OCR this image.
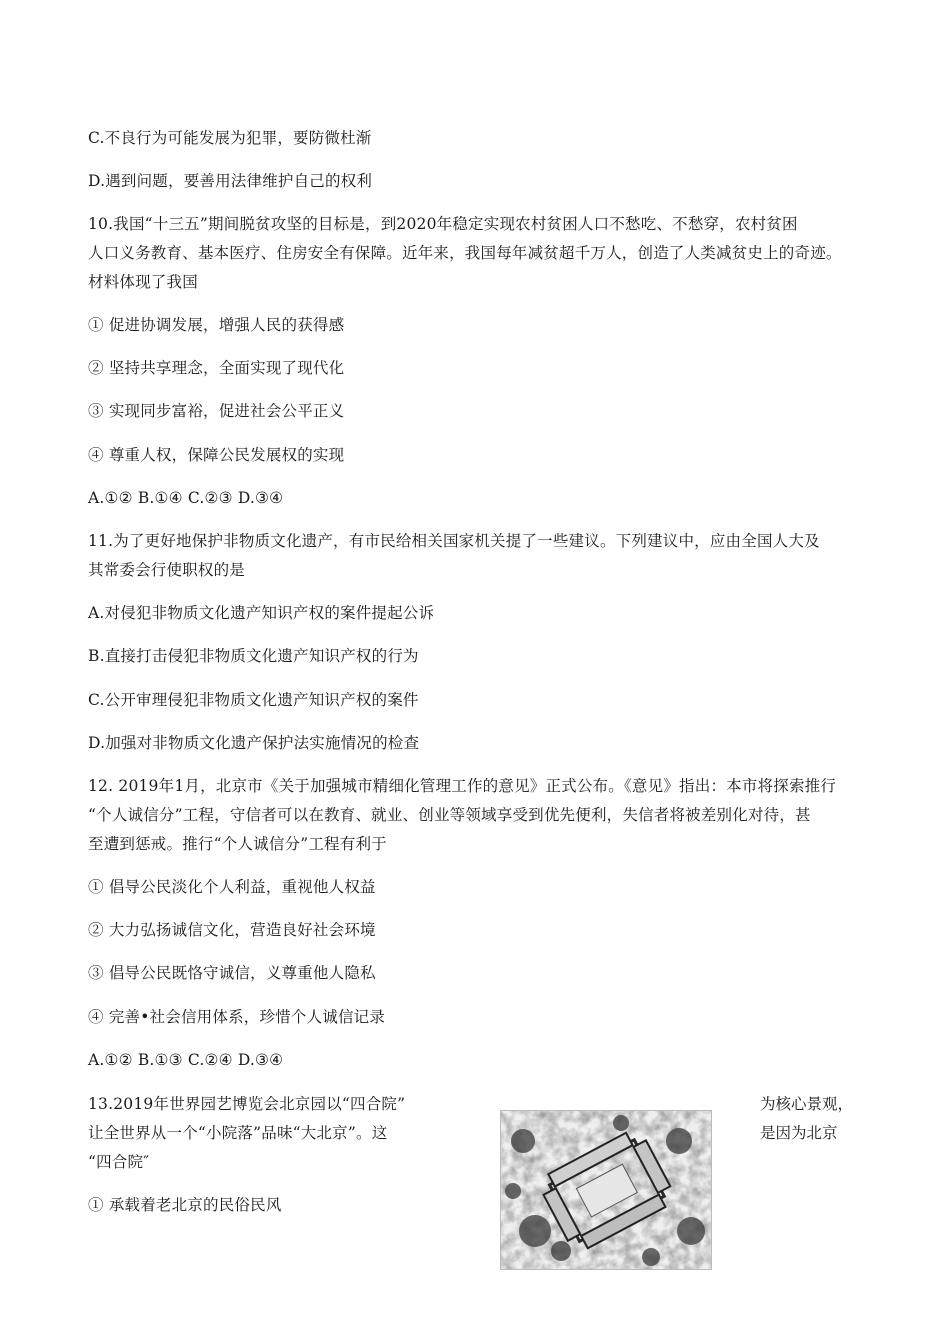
C.不良行为可能发展为犯罪，要防微杜渐
D.遇到问题，要善用法律维护自己的权利
10.我国“十三五”期间脱贫攻坚的目标是，到2020年稳定实现农村贫困人口不愁吃、不愁穿，农村贫困
人口义务教育、基本医疗、住房安全有保障。近年来，我国每年减贫超千万人，创造了人类减贫史上的奇迹。
材料体现了我国
① 促进协调发展，增强人民的获得感
② 坚持共享理念，全面实现了现代化
③ 实现同步富裕，促进社会公平正义
④ 尊重人权，保障公民发展权的实现
A.①② B.①④ C.②③ D.③④
11.为了更好地保护非物质文化遗产，有市民给相关国家机关提了一些建议。下列建议中，应由全国人大及
其常委会行使职权的是
A.对侵犯非物质文化遗产知识产权的案件提起公诉
B.直接打击侵犯非物质文化遗产知识产权的行为
C.公开审理侵犯非物质文化遗产知识产权的案件
D.加强对非物质文化遗产保护法实施情况的检查
12. 2019年1月，北京市《关于加强城市精细化管理工作的意见》正式公布。《意见》指出：本市将探索推行
“个人诚信分”工程，守信者可以在教育、就业、创业等领域享受到优先便利，失信者将被差别化对待，甚
至遭到惩戒。推行“个人诚信分”工程有利于
① 倡导公民淡化个人利益，重视他人权益
② 大力弘扬诚信文化，营造良好社会环境
③ 倡导公民既恪守诚信，义尊重他人隐私
④ 完善•社会信用体系，珍惜个人诚信记录
A.①② B.①③ C.②④ D.③④
13.2019年世界园艺博览会北京园以“四合院”	为核心景观，
让全世界从一个“小院落”品味“大北京”。这	是因为北京
“四合院″
① 承载着老北京的民俗民风
